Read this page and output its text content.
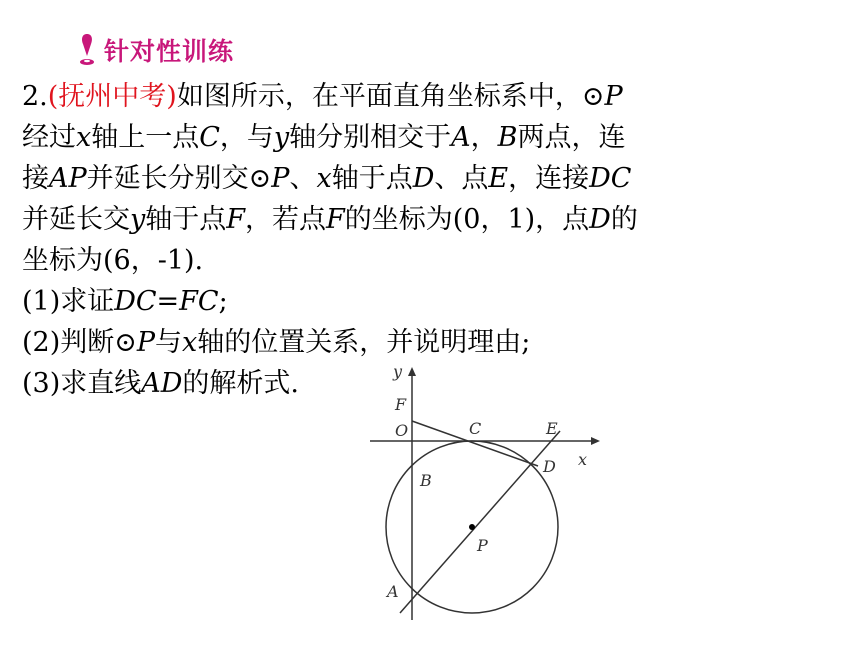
针对性训练
2.(抚州中考)如图所示，在平面直角坐标系中，⊙P
经过x轴上一点C，与y轴分别相交于A，B两点，连
接AP并延长分别交⊙P、x轴于点D、点E，连接DC
并延长交y轴于点F，若点F的坐标为(0，1)，点D的
坐标为(6，-1).
(1)求证DC=FC;
(2)判断⊙P与x轴的位置关系，并说明理由;
(3)求直线AD的解析式.	y
x
F
O	C	E
D
B
P
A
